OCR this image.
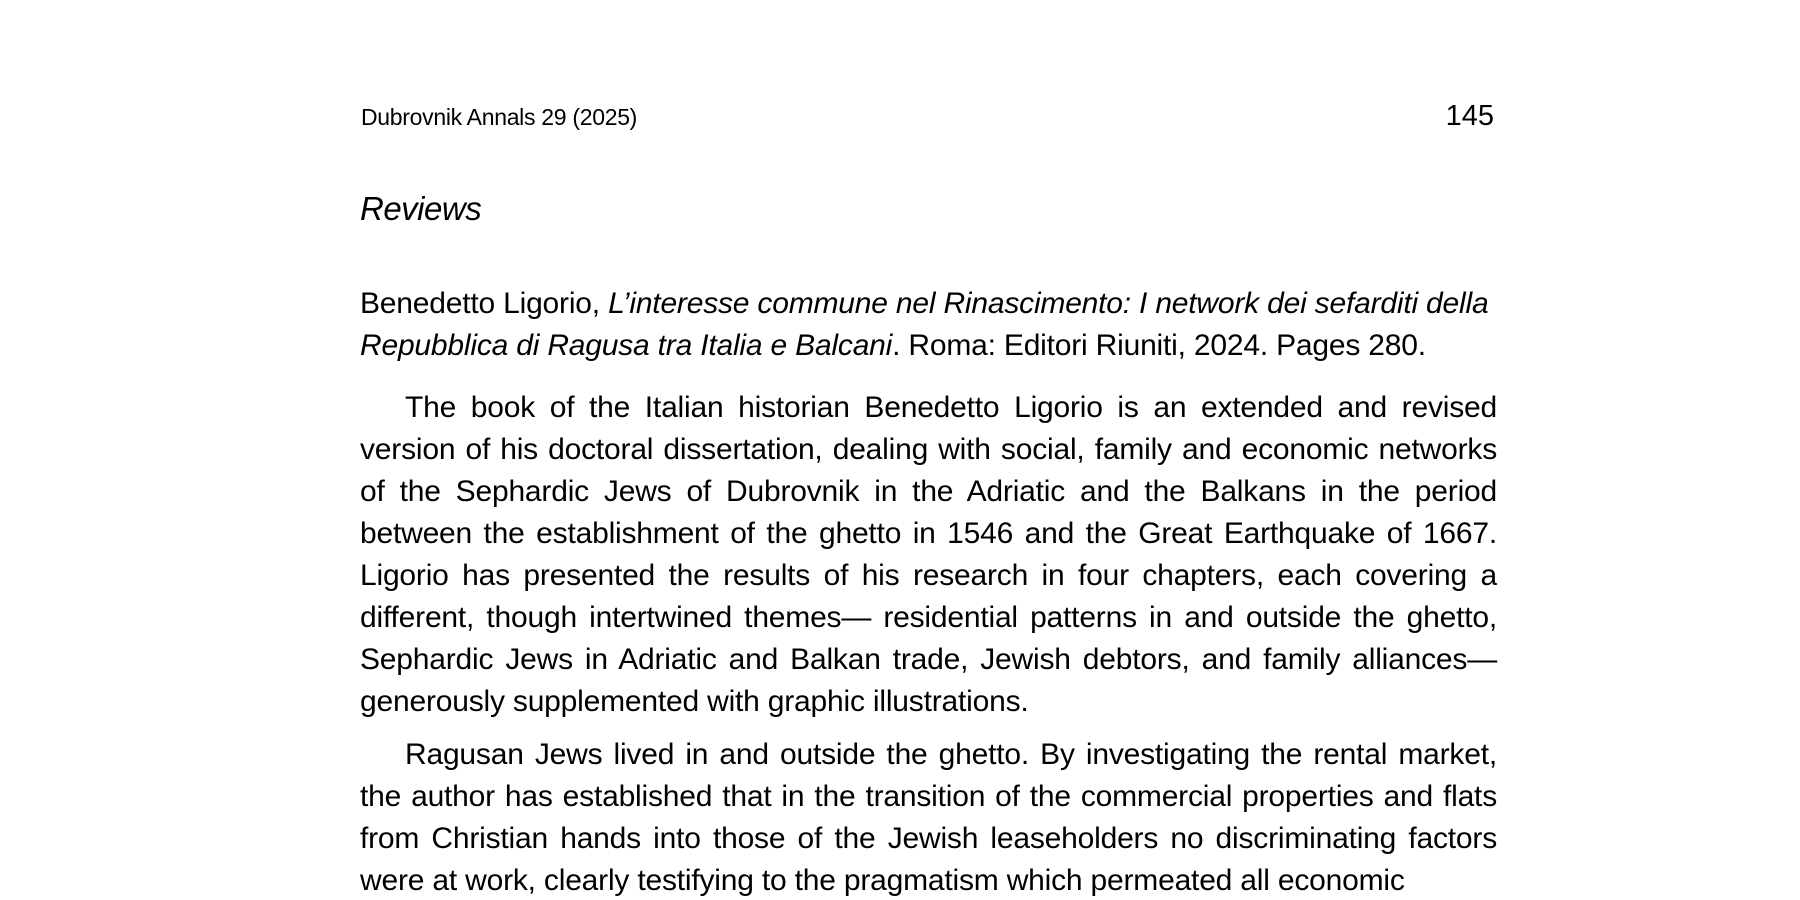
Dubrovnik Annals 29 (2025)	145
Reviews
Benedetto Ligorio, L’interesse commune nel Rinascimento: I network dei sefarditi della
Repubblica di Ragusa tra Italia e Balcani. Roma: Editori Riuniti, 2024. Pages 280.

The book of the Italian historian Benedetto Ligorio is an extended and revised version of his doctoral dissertation, dealing with social, family and economic networks of the Sephardic Jews of Dubrovnik in the Adriatic and the Balkans in the period between the establishment of the ghetto in 1546 and the Great Earthquake of 1667. Ligorio has presented the results of his research in four chapters, each covering a different, though intertwined themes— residential patterns in and outside the ghetto, Sephardic Jews in Adriatic and Balkan trade, Jewish debtors, and family alliances—generously supplemented with graphic illustrations.

Ragusan Jews lived in and outside the ghetto. By investigating the rental market, the author has established that in the transition of the commercial properties and flats from Christian hands into those of the Jewish leaseholders no discriminating factors were at work, clearly testifying to the pragmatism which permeated all economic
